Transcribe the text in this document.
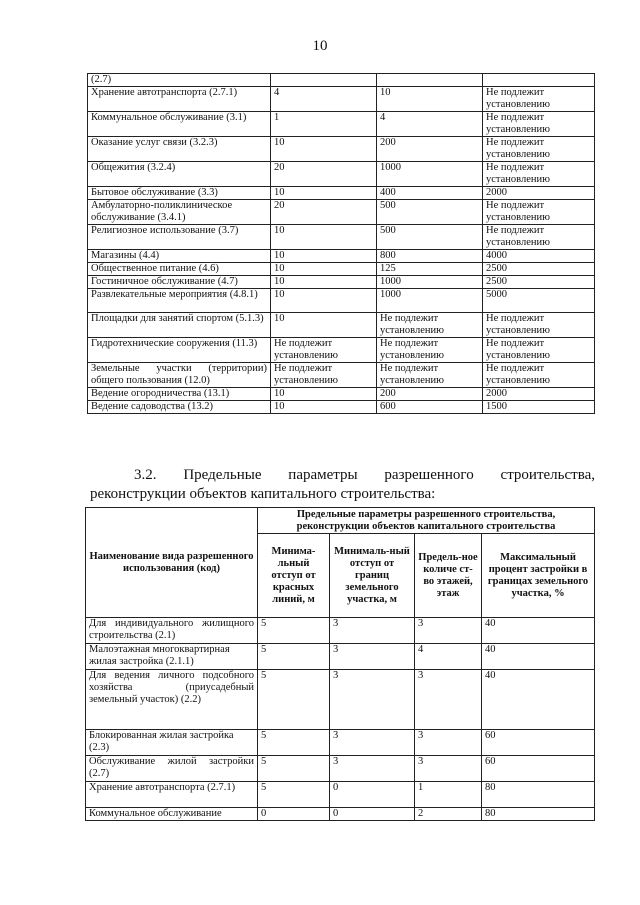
10
(2.7)			
Хранение автотранспорта (2.7.1)	4	10	Не подлежит установлению
Коммунальное обслуживание (3.1)	1	4	Не подлежит установлению
Оказание услуг связи (3.2.3)	10	200	Не подлежит установлению
Общежития (3.2.4)	20	1000	Не подлежит установлению
Бытовое обслуживание (3.3)	10	400	2000
Амбулаторно-поликлиническое обслуживание (3.4.1)	20	500	Не подлежит установлению
Религиозное использование (3.7)	10	500	Не подлежит установлению
Магазины (4.4)	10	800	4000
Общественное питание (4.6)	10	125	2500
Гостиничное обслуживание (4.7)	10	1000	2500
Развлекательные мероприятия (4.8.1)	10	1000	5000
Площадки для занятий спортом (5.1.3)	10	Не подлежит установлению	Не подлежит установлению
Гидротехнические сооружения (11.3)	Не подлежит установлению	Не подлежит установлению	Не подлежит установлению
Земельные участки (территории) общего пользования (12.0)	Не подлежит установлению	Не подлежит установлению	Не подлежит установлению
Ведение огородничества (13.1)	10	200	2000
Ведение садоводства (13.2)	10	600	1500
3.2. Предельные параметры разрешенного строительства,
реконструкции объектов капитального строительства:
Наименование вида разрешенного использования (код)	Предельные параметры разрешенного строительства, реконструкции объектов капитального строительства			
	Минима-льный отступ от красных линий, м	Минималь-ный отступ от границ земельного участка, м	Предель-ное количе ст-во этажей, этаж	Максимальный процент застройки в границах земельного участка, %
Для индивидуального жилищного строительства (2.1)	5	3	3	40
Малоэтажная многоквартирная жилая застройка (2.1.1)	5	3	4	40
Для ведения личного подсобного хозяйства (приусадебный земельный участок) (2.2)	5	3	3	40
Блокированная жилая застройка (2.3)	5	3	3	60
Обслуживание жилой застройки (2.7)	5	3	3	60
Хранение автотранспорта (2.7.1)	5	0	1	80
Коммунальное обслуживание	0	0	2	80
